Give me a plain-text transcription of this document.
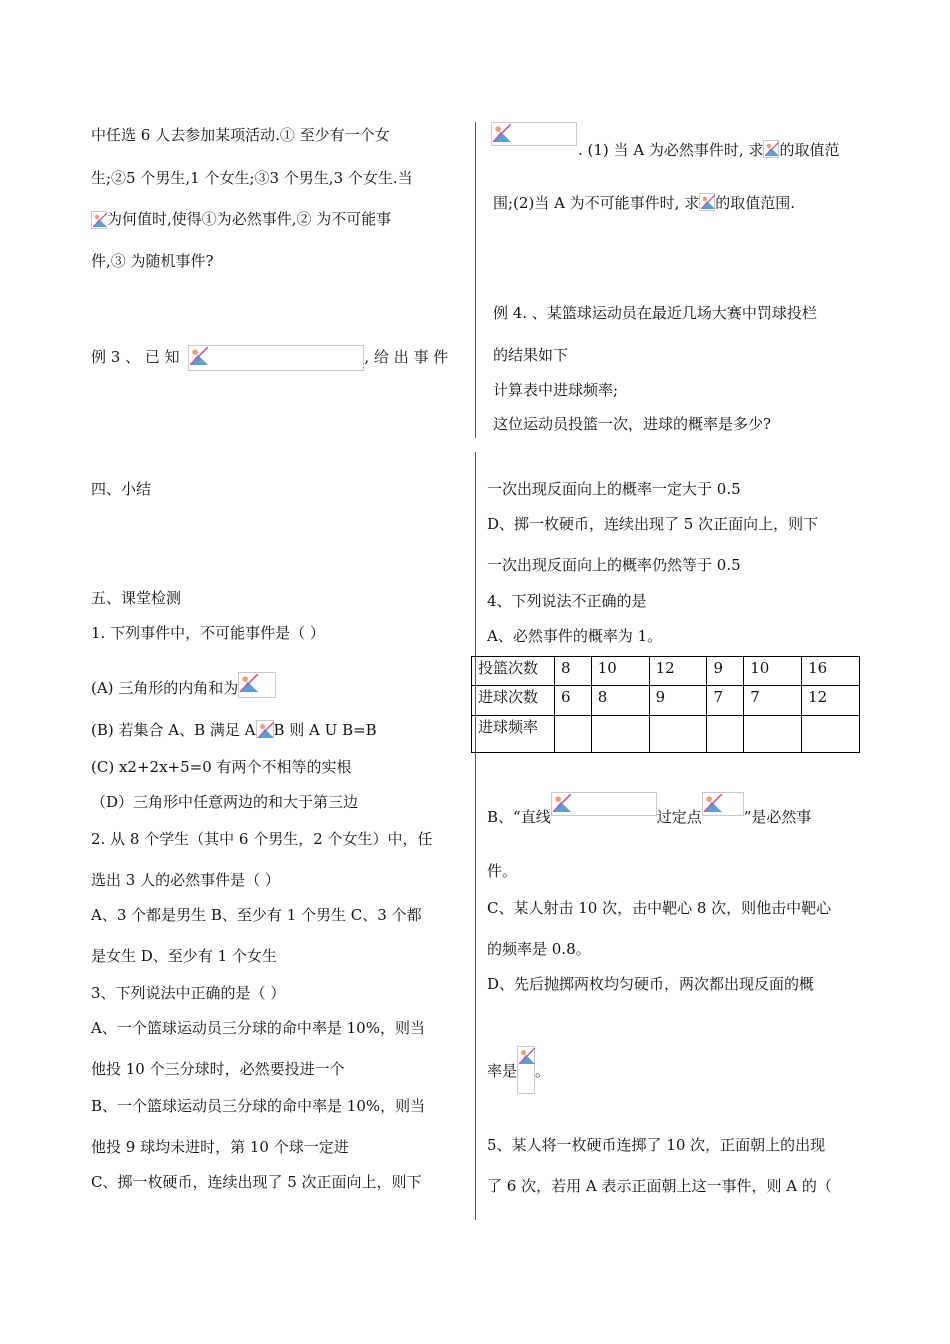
中任选 6 人去参加某项活动.① 至少有一个女
生;②5 个男生,1 个女生;③3 个男生,3 个女生.当
为何值时,使得①为必然事件,② 为不可能事
件,③ 为随机事件?
例 3 、 已 知	, 给 出 事 件
. (1) 当 A 为必然事件时, 求 的取值范
围;(2)当 A 为不可能事件时, 求 的取值范围.
例 4. 、某篮球运动员在最近几场大赛中罚球投栏
的结果如下
计算表中进球频率;
这位运动员投篮一次，进球的概率是多少?
四、小结
五、课堂检测
1. 下列事件中，不可能事件是（ ）
(A) 三角形的内角和为
(B) 若集合 A、B 满足 A B 则 A U B=B
(C) x2+2x+5=0 有两个不相等的实根
（D）三角形中任意两边的和大于第三边
2. 从 8 个学生（其中 6 个男生，2 个女生）中，任
选出 3 人的必然事件是（ ）
A、3 个都是男生 B、至少有 1 个男生 C、3 个都
是女生 D、至少有 1 个女生
3、下列说法中正确的是（ ）
A、一个篮球运动员三分球的命中率是 10%，则当
他投 10 个三分球时，必然要投进一个
B、一个篮球运动员三分球的命中率是 10%，则当
他投 9 球均未进时，第 10 个球一定进
C、掷一枚硬币，连续出现了 5 次正面向上，则下
一次出现反面向上的概率一定大于 0.5
D、掷一枚硬币，连续出现了 5 次正面向上，则下
一次出现反面向上的概率仍然等于 0.5
4、下列说法不正确的是
A、必然事件的概率为 1。
投篮次数	8	10	12	9	10	16
进球次数	6	8	9	7	7	12
进球频率						
B、“直线	过定点	”是必然事
件。
C、某人射击 10 次，击中靶心 8 次，则他击中靶心
的频率是 0.8。
D、先后抛掷两枚均匀硬币，两次都出现反面的概
率是 。
5、某人将一枚硬币连掷了 10 次，正面朝上的出现
了 6 次，若用 A 表示正面朝上这一事件，则 A 的（
